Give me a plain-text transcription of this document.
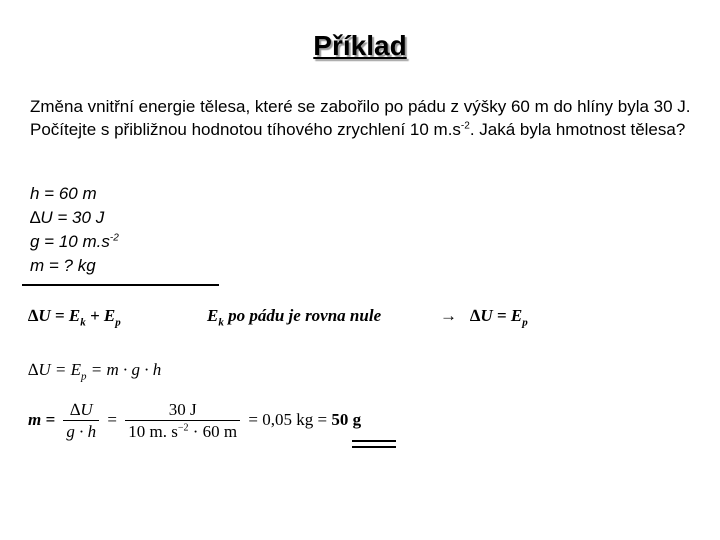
Příklad
Změna vnitřní energie tělesa, které se zabořilo po pádu z výšky 60 m do hlíny byla 30 J. Počítejte s přibližnou hodnotou tíhového zrychlení 10 $m.s^{-2}$. Jaká byla hmotnost tělesa?
h = 60 m
∆U = 30 J
g = 10 $m.s^{-2}$
m = ? kg
$\Delta U = E_k + E_p$	$E_k$ po pádu je rovna nule	→ $\Delta U = E_p$
$\Delta U = E_p = m \cdot g \cdot h$
$m = \frac{\Delta U}{g \cdot h} = \frac{30 J}{10 m. s^{-2} \cdot 60 m} = 0,05$ kg = 50 g
